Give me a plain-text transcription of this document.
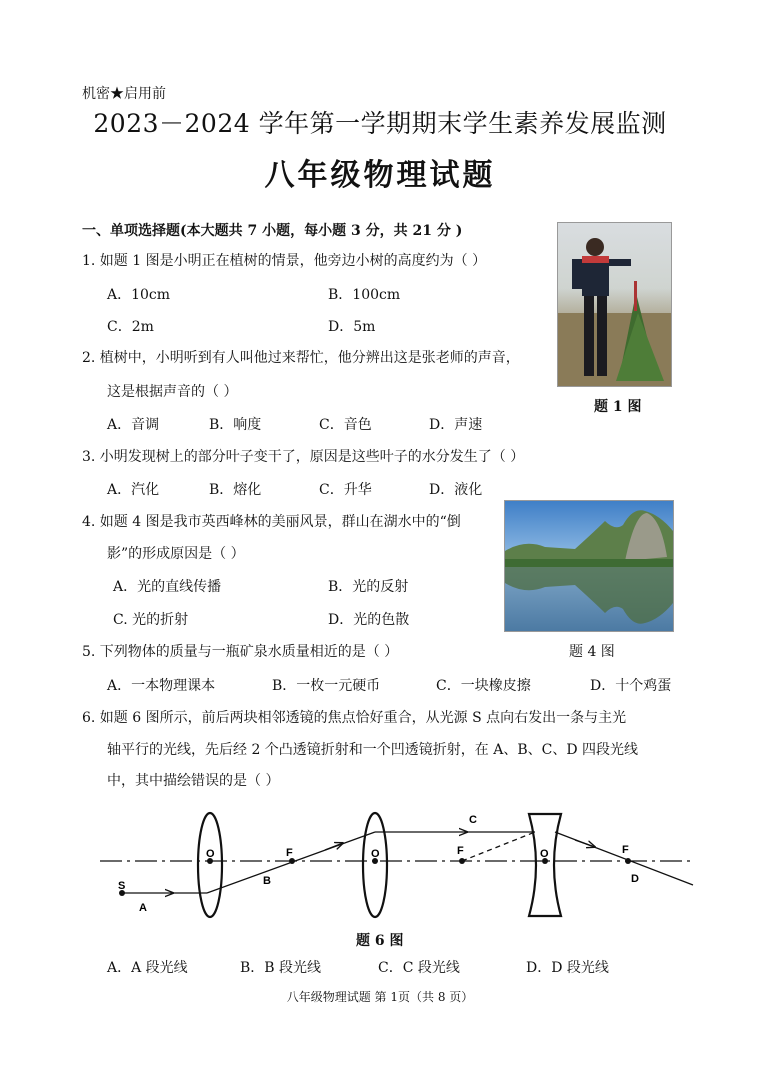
机密★启用前
2023－2024 学年第一学期期末学生素养发展监测
八年级物理试题
一、单项选择题(本大题共 7 小题，每小题 3 分，共 21 分 )
1. 如题 1 图是小明正在植树的情景，他旁边小树的高度约为（ ）
A．10cm	B．100cm
C．2m	D．5m
题 1 图
2. 植树中，小明听到有人叫他过来帮忙，他分辨出这是张老师的声音，
这是根据声音的（ ）
A．音调	B．响度	C．音色	D．声速
3. 小明发现树上的部分叶子变干了，原因是这些叶子的水分发生了（ ）
A．汽化	B．熔化	C．升华	D．液化
4. 如题 4 图是我市英西峰林的美丽风景，群山在湖水中的“倒
影”的形成原因是（ ）
A．光的直线传播	B．光的反射
C. 光的折射	D．光的色散
题 4 图
5. 下列物体的质量与一瓶矿泉水质量相近的是（ ）
A．一本物理课本	B．一枚一元硬币	C．一块橡皮擦	D．十个鸡蛋
6. 如题 6 图所示，前后两块相邻透镜的焦点恰好重合，从光源 S 点向右发出一条与主光
轴平行的光线，先后经 2 个凸透镜折射和一个凹透镜折射，在 A、B、C、D 四段光线
中，其中描绘错误的是（ ）
O	F	O	F	O	F
S
A
B
C
D
题 6 图
A．A 段光线	B．B 段光线	C．C 段光线	D．D 段光线
八年级物理试题 第 1页（共 8 页）
